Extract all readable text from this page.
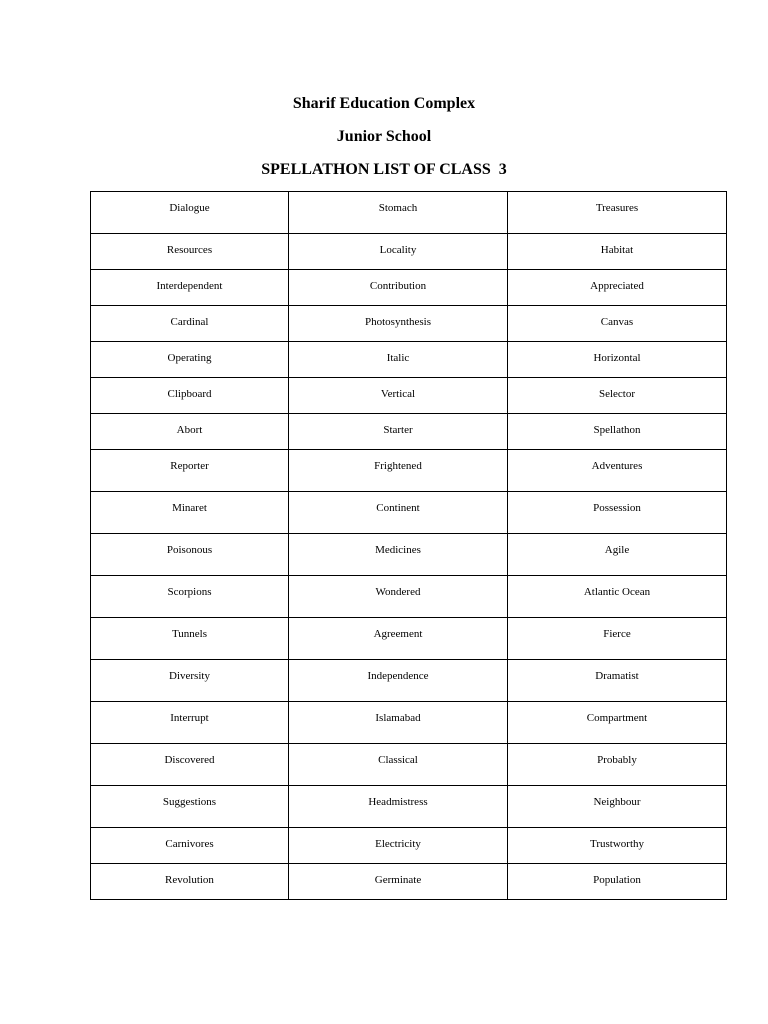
Sharif Education Complex
Junior School
SPELLATHON LIST OF CLASS  3
Dialogue	Stomach	Treasures
Resources	Locality	Habitat
Interdependent	Contribution	Appreciated
Cardinal	Photosynthesis	Canvas
Operating	Italic	Horizontal
Clipboard	Vertical	Selector
Abort	Starter	Spellathon
Reporter	Frightened	Adventures
Minaret	Continent	Possession
Poisonous	Medicines	Agile
Scorpions	Wondered	Atlantic Ocean
Tunnels	Agreement	Fierce
Diversity	Independence	Dramatist
Interrupt	Islamabad	Compartment
Discovered	Classical	Probably
Suggestions	Headmistress	Neighbour
Carnivores	Electricity	Trustworthy
Revolution	Germinate	Population
